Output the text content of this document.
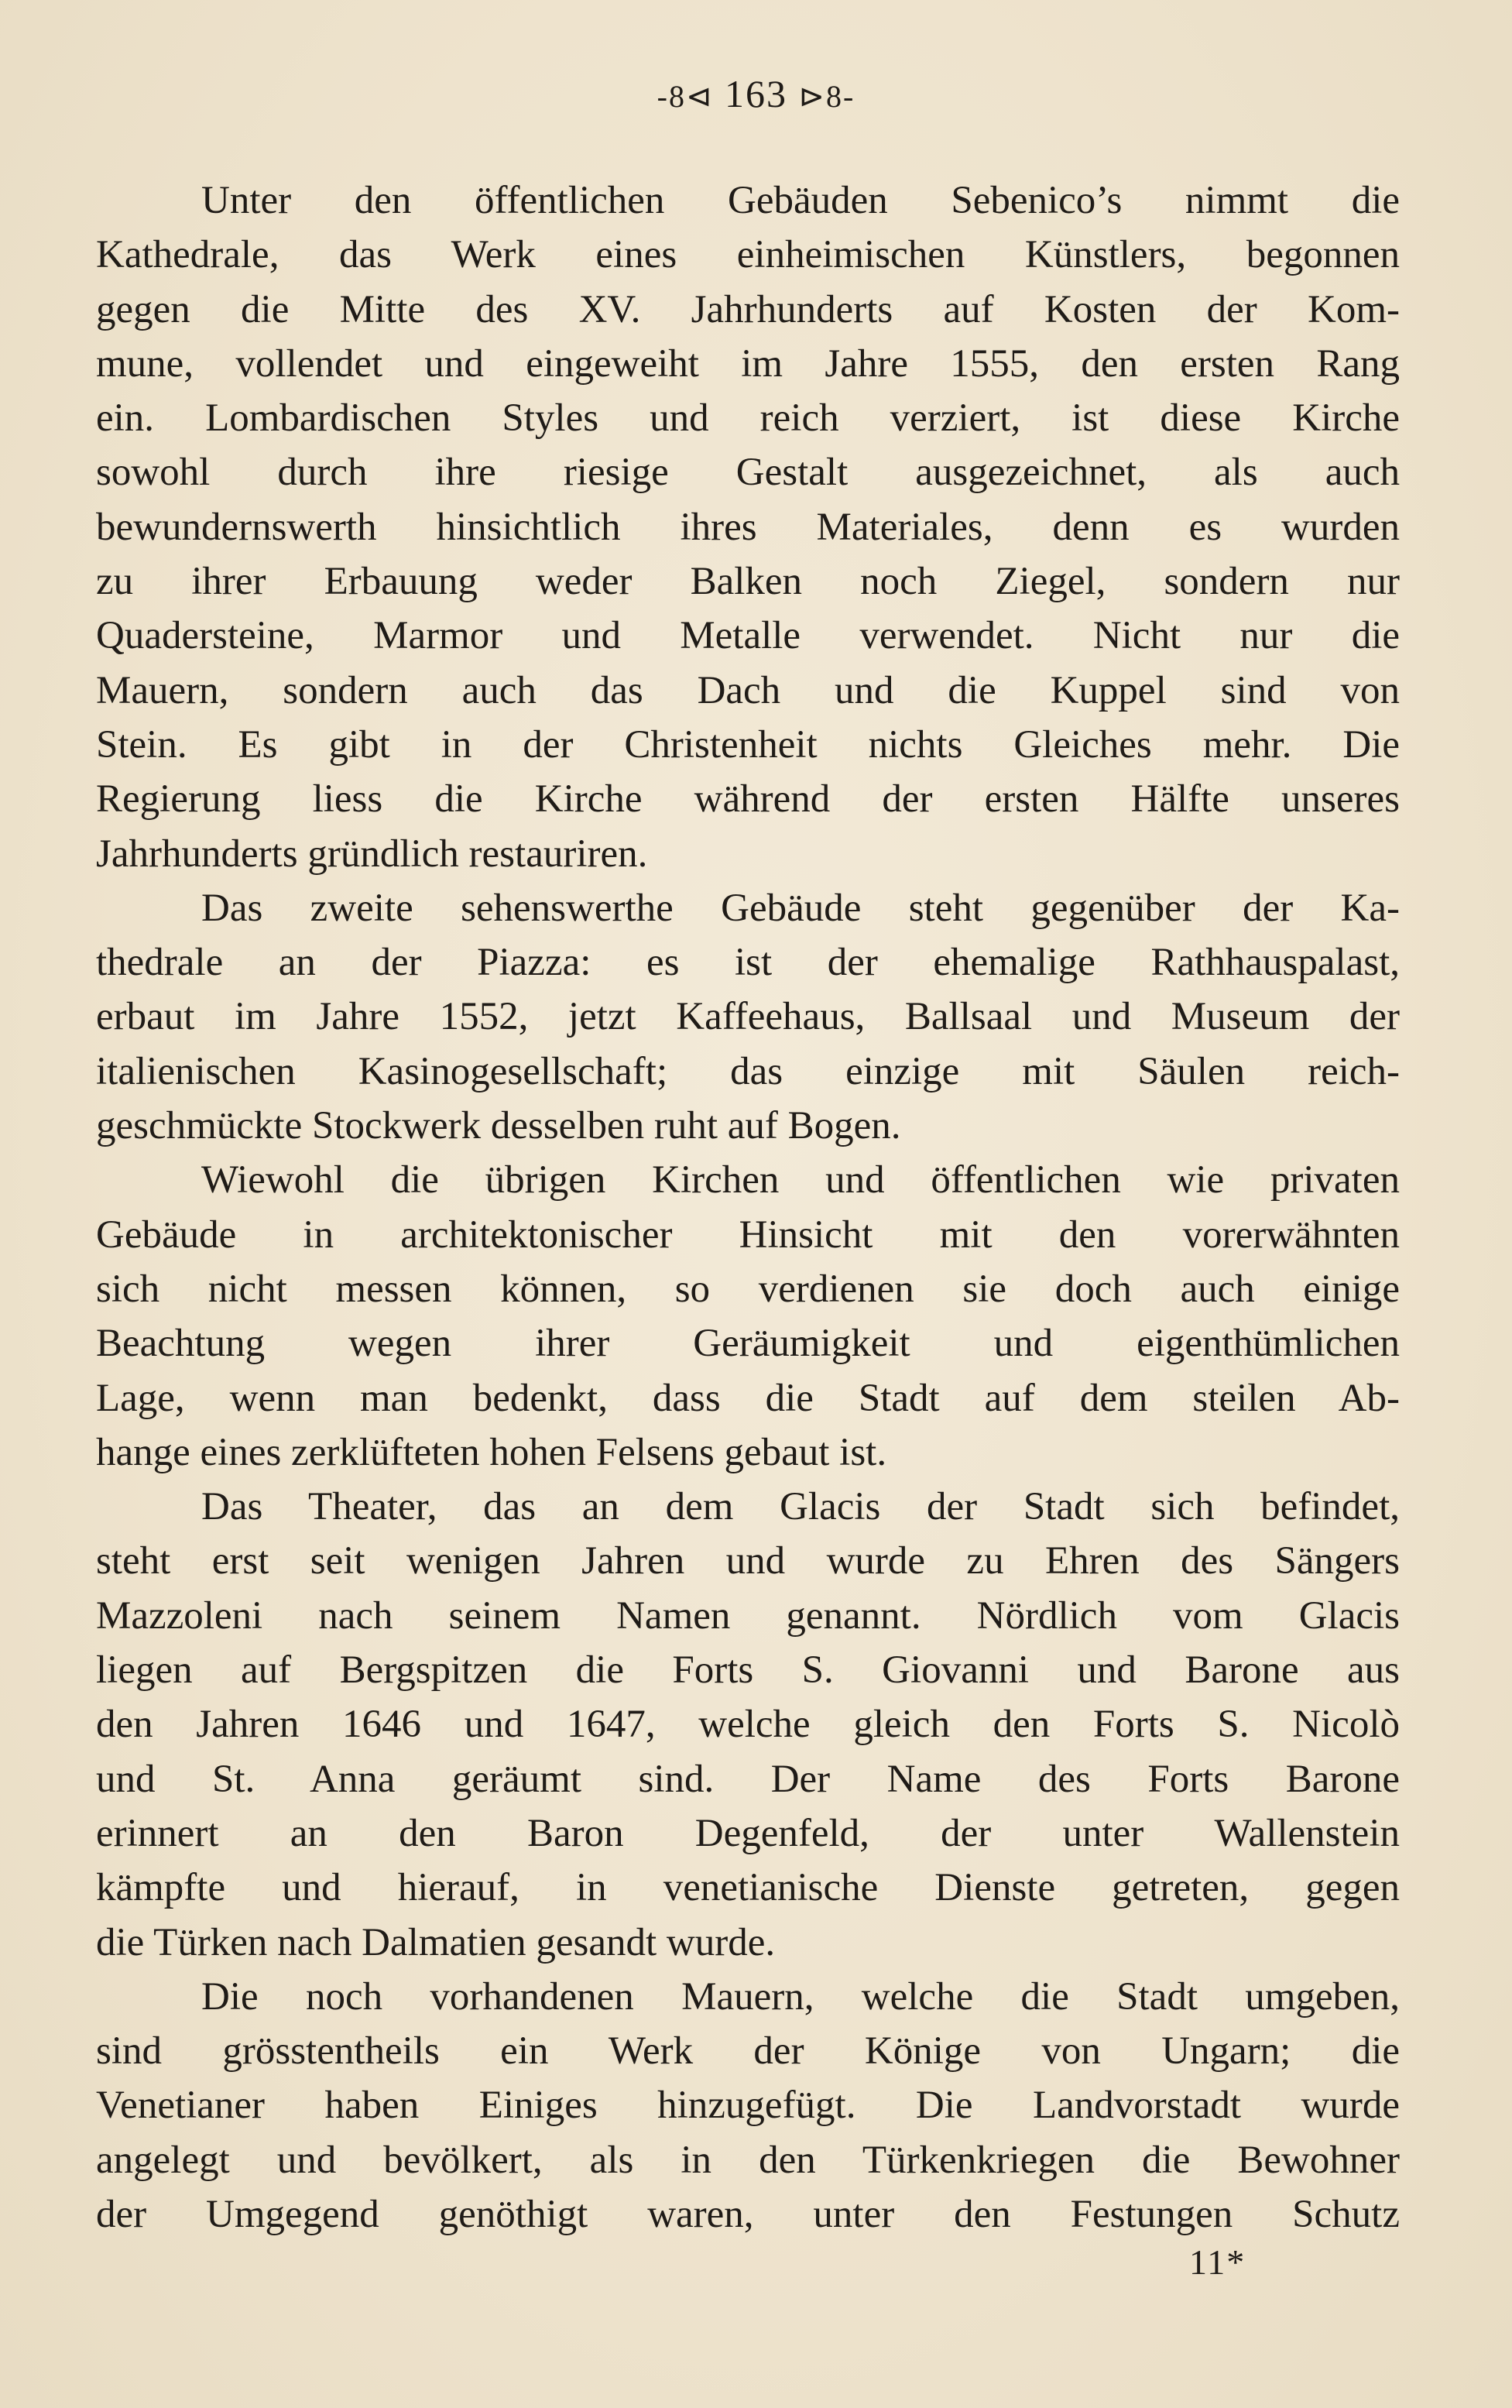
-8⊲ 163 ⊳8-
Unter den öffentlichen Gebäuden Sebenico’s nimmt die
Kathedrale, das Werk eines einheimischen Künstlers, begonnen
gegen die Mitte des XV. Jahrhunderts auf Kosten der Kom-
mune, vollendet und eingeweiht im Jahre 1555, den ersten Rang
ein. Lombardischen Styles und reich verziert, ist diese Kirche
sowohl durch ihre riesige Gestalt ausgezeichnet, als auch
bewundernswerth hinsichtlich ihres Materiales, denn es wurden
zu ihrer Erbauung weder Balken noch Ziegel, sondern nur
Quadersteine, Marmor und Metalle verwendet. Nicht nur die
Mauern, sondern auch das Dach und die Kuppel sind von
Stein. Es gibt in der Christenheit nichts Gleiches mehr. Die
Regierung liess die Kirche während der ersten Hälfte unseres
Jahrhunderts gründlich restauriren.
Das zweite sehenswerthe Gebäude steht gegenüber der Ka-
thedrale an der Piazza: es ist der ehemalige Rathhauspalast,
erbaut im Jahre 1552, jetzt Kaffeehaus, Ballsaal und Museum der
italienischen Kasinogesellschaft; das einzige mit Säulen reich-
geschmückte Stockwerk desselben ruht auf Bogen.
Wiewohl die übrigen Kirchen und öffentlichen wie privaten
Gebäude in architektonischer Hinsicht mit den vorerwähnten
sich nicht messen können, so verdienen sie doch auch einige
Beachtung wegen ihrer Geräumigkeit und eigenthümlichen
Lage, wenn man bedenkt, dass die Stadt auf dem steilen Ab-
hange eines zerklüfteten hohen Felsens gebaut ist.
Das Theater, das an dem Glacis der Stadt sich befindet,
steht erst seit wenigen Jahren und wurde zu Ehren des Sängers
Mazzoleni nach seinem Namen genannt. Nördlich vom Glacis
liegen auf Bergspitzen die Forts S. Giovanni und Barone aus
den Jahren 1646 und 1647, welche gleich den Forts S. Nicolò
und St. Anna geräumt sind. Der Name des Forts Barone
erinnert an den Baron Degenfeld, der unter Wallenstein
kämpfte und hierauf, in venetianische Dienste getreten, gegen
die Türken nach Dalmatien gesandt wurde.
Die noch vorhandenen Mauern, welche die Stadt umgeben,
sind grösstentheils ein Werk der Könige von Ungarn; die
Venetianer haben Einiges hinzugefügt. Die Landvorstadt wurde
angelegt und bevölkert, als in den Türkenkriegen die Bewohner
der Umgegend genöthigt waren, unter den Festungen Schutz
11*
